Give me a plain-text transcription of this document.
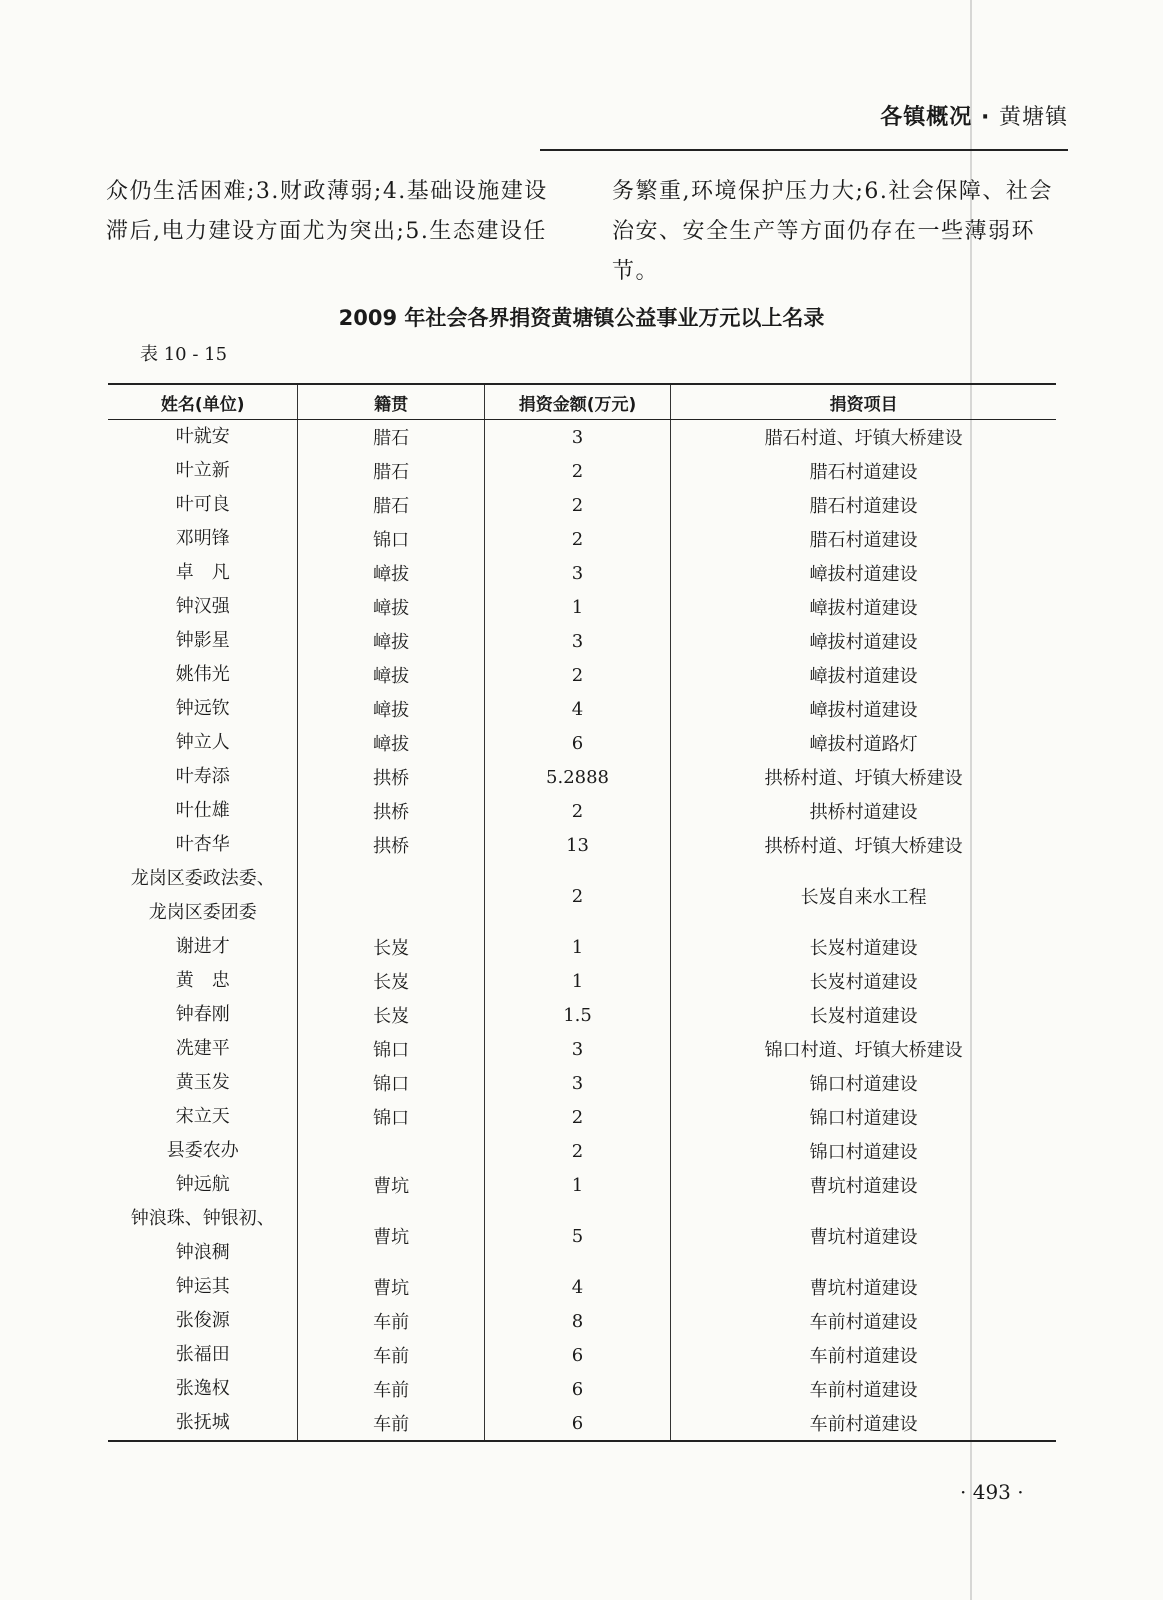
各镇概况 · 黄塘镇
众仍生活困难;3.财政薄弱;4.基础设施建设滞后,电力建设方面尤为突出;5.生态建设任
务繁重,环境保护压力大;6.社会保障、社会治安、安全生产等方面仍存在一些薄弱环节。
2009 年社会各界捐资黄塘镇公益事业万元以上名录
表 10 - 15
姓名(单位)	籍贯	捐资金额(万元)	捐资项目

叶就安	腊石	3	腊石村道、圩镇大桥建设

叶立新	腊石	2	腊石村道建设

叶可良	腊石	2	腊石村道建设

邓明锋	锦口	2	腊石村道建设

卓　凡	嶂拔	3	嶂拔村道建设

钟汉强	嶂拔	1	嶂拔村道建设

钟影星	嶂拔	3	嶂拔村道建设

姚伟光	嶂拔	2	嶂拔村道建设

钟远钦	嶂拔	4	嶂拔村道建设

钟立人	嶂拔	6	嶂拔村道路灯

叶寿添	拱桥	5.2888	拱桥村道、圩镇大桥建设

叶仕雄	拱桥	2	拱桥村道建设

叶杏华	拱桥	13	拱桥村道、圩镇大桥建设

龙岗区委政法委、
龙岗区委团委		2	长岌自来水工程

谢进才	长岌	1	长岌村道建设

黄　忠	长岌	1	长岌村道建设

钟春刚	长岌	1.5	长岌村道建设

冼建平	锦口	3	锦口村道、圩镇大桥建设

黄玉发	锦口	3	锦口村道建设

宋立天	锦口	2	锦口村道建设

县委农办		2	锦口村道建设

钟远航	曹坑	1	曹坑村道建设

钟浪珠、钟银初、
钟浪稠	曹坑	5	曹坑村道建设

钟运其	曹坑	4	曹坑村道建设

张俊源	车前	8	车前村道建设

张福田	车前	6	车前村道建设

张逸权	车前	6	车前村道建设

张抚城	车前	6	车前村道建设
· 493 ·
